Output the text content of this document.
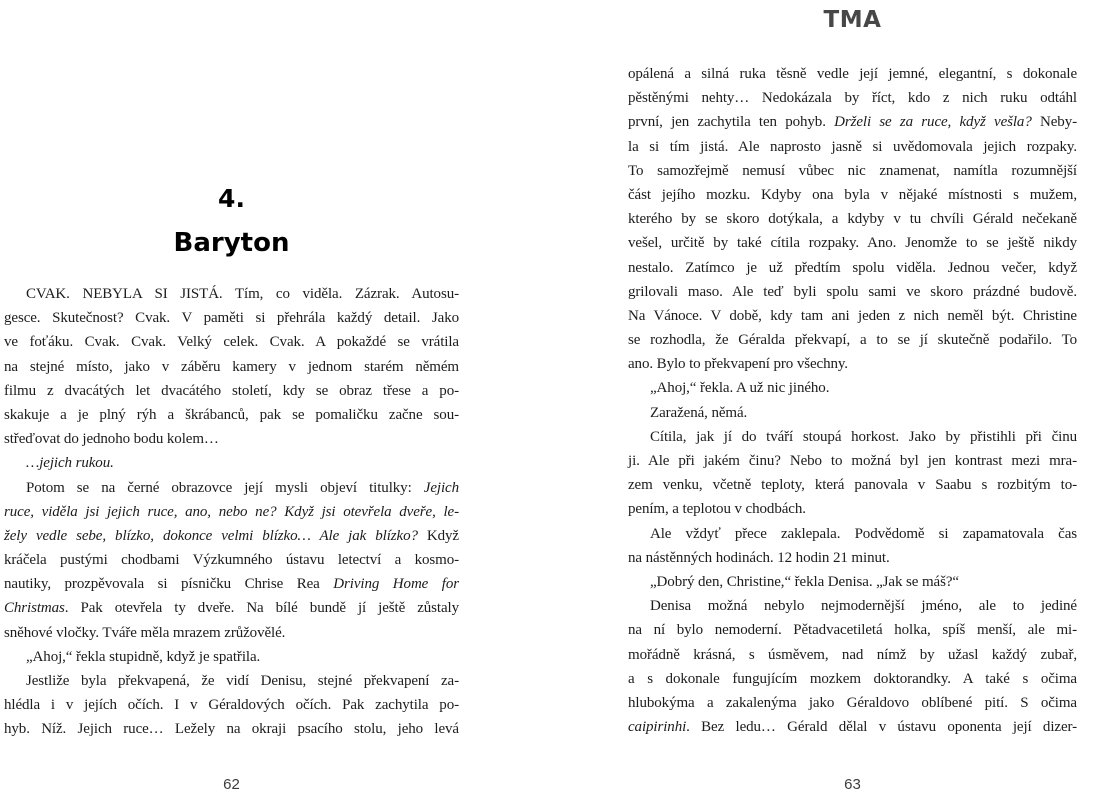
4.
Baryton
CVAK. NEBYLA SI JISTÁ. Tím, co viděla. Zázrak. Autosu-
gesce. Skutečnost? Cvak. V paměti si přehrála každý detail. Jako
ve foťáku. Cvak. Cvak. Velký celek. Cvak. A pokaždé se vrátila
na stejné místo, jako v záběru kamery v jednom starém němém
filmu z dvacátých let dvacátého století, kdy se obraz třese a po-
skakuje a je plný rýh a škrábanců, pak se pomaličku začne sou-
střeďovat do jednoho bodu kolem…
…jejich rukou.
Potom se na černé obrazovce její mysli objeví titulky: Jejich
ruce, viděla jsi jejich ruce, ano, nebo ne? Když jsi otevřela dveře, le-
žely vedle sebe, blízko, dokonce velmi blízko… Ale jak blízko? Když
kráčela pustými chodbami Výzkumného ústavu letectví a kosmo-
nautiky, prozpěvovala si písničku Chrise Rea Driving Home for
Christmas. Pak otevřela ty dveře. Na bílé bundě jí ještě zůstaly
sněhové vločky. Tváře měla mrazem zrůžovělé.
„Ahoj,“ řekla stupidně, když je spatřila.
Jestliže byla překvapená, že vidí Denisu, stejné překvapení za-
hlédla i v jejích očích. I v Géraldových očích. Pak zachytila po-
hyb. Níž. Jejich ruce… Ležely na okraji psacího stolu, jeho levá
62
TMA
opálená a silná ruka těsně vedle její jemné, elegantní, s dokonale
pěstěnými nehty… Nedokázala by říct, kdo z nich ruku odtáhl
první, jen zachytila ten pohyb. Drželi se za ruce, když vešla? Neby-
la si tím jistá. Ale naprosto jasně si uvědomovala jejich rozpaky.
To samozřejmě nemusí vůbec nic znamenat, namítla rozumnější
část jejího mozku. Kdyby ona byla v nějaké místnosti s mužem,
kterého by se skoro dotýkala, a kdyby v tu chvíli Gérald nečekaně
vešel, určitě by také cítila rozpaky. Ano. Jenomže to se ještě nikdy
nestalo. Zatímco je už předtím spolu viděla. Jednou večer, když
grilovali maso. Ale teď byli spolu sami ve skoro prázdné budově.
Na Vánoce. V době, kdy tam ani jeden z nich neměl být. Christine
se rozhodla, že Géralda překvapí, a to se jí skutečně podařilo. To
ano. Bylo to překvapení pro všechny.
„Ahoj,“ řekla. A už nic jiného.
Zaražená, němá.
Cítila, jak jí do tváří stoupá horkost. Jako by přistihli při činu
ji. Ale při jakém činu? Nebo to možná byl jen kontrast mezi mra-
zem venku, včetně teploty, která panovala v Saabu s rozbitým to-
pením, a teplotou v chodbách.
Ale vždyť přece zaklepala. Podvědomě si zapamatovala čas
na nástěnných hodinách. 12 hodin 21 minut.
„Dobrý den, Christine,“ řekla Denisa. „Jak se máš?“
Denisa možná nebylo nejmodernější jméno, ale to jediné
na ní bylo nemoderní. Pětadvacetiletá holka, spíš menší, ale mi-
mořádně krásná, s úsměvem, nad nímž by užasl každý zubař,
a s dokonale fungujícím mozkem doktorandky. A také s očima
hlubokýma a zakalenýma jako Géraldovo oblíbené pití. S očima
caipirinhi. Bez ledu… Gérald dělal v ústavu oponenta její dizer-
63
